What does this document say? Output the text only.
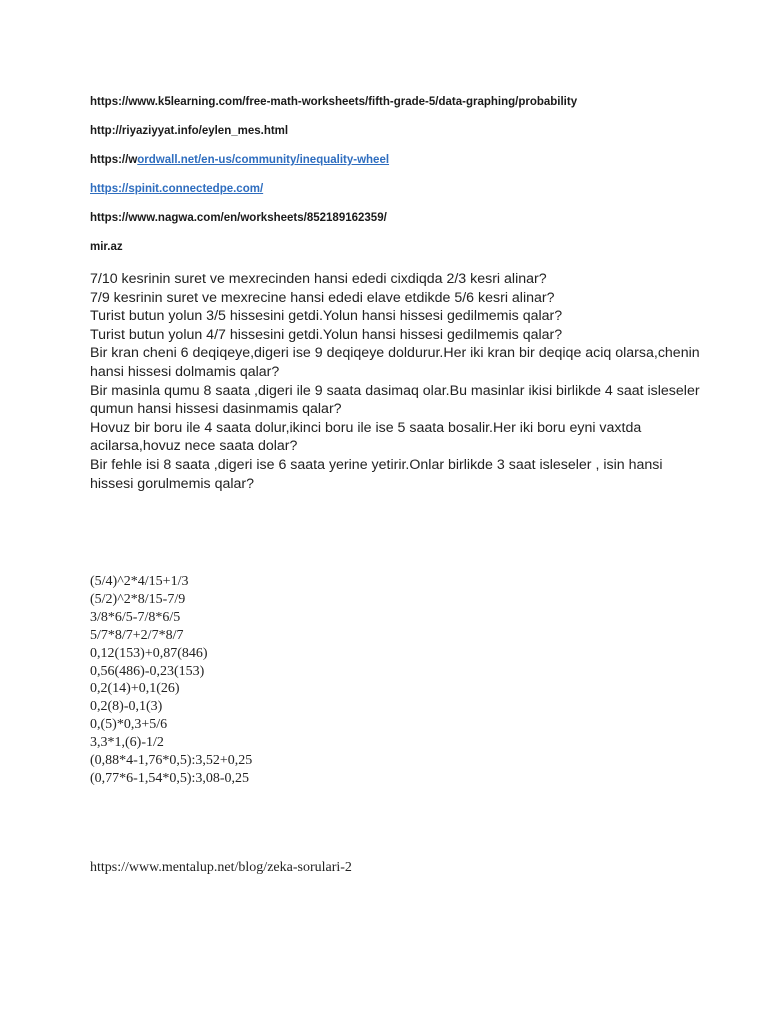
https://www.k5learning.com/free-math-worksheets/fifth-grade-5/data-graphing/probability
http://riyaziyyat.info/eylen_mes.html
https://wordwall.net/en-us/community/inequality-wheel
https://spinit.connectedpe.com/
https://www.nagwa.com/en/worksheets/852189162359/
mir.az
7/10 kesrinin suret ve mexrecinden hansi ededi cixdiqda 2/3 kesri alinar?
7/9 kesrinin suret ve mexrecine hansi ededi elave etdikde 5/6 kesri alinar?
Turist butun yolun 3/5 hissesini getdi.Yolun hansi hissesi gedilmemis qalar?
Turist butun yolun 4/7 hissesini getdi.Yolun hansi hissesi gedilmemis qalar?
Bir kran cheni 6 deqiqeye,digeri ise 9 deqiqeye doldurur.Her iki kran bir deqiqe aciq olarsa,chenin hansi hissesi dolmamis qalar?
Bir masinla qumu 8 saata ,digeri ile 9 saata dasimaq olar.Bu masinlar ikisi birlikde 4 saat isleseler qumun hansi hissesi dasinmamis qalar?
Hovuz bir boru ile 4 saata dolur,ikinci boru ile ise 5 saata bosalir.Her iki boru eyni vaxtda acilarsa,hovuz nece saata dolar?
Bir fehle isi 8 saata ,digeri ise 6 saata yerine yetirir.Onlar birlikde 3 saat isleseler , isin hansi hissesi gorulmemis qalar?
(5/4)^2*4/15+1/3
(5/2)^2*8/15-7/9
3/8*6/5-7/8*6/5
5/7*8/7+2/7*8/7
0,12(153)+0,87(846)
0,56(486)-0,23(153)
0,2(14)+0,1(26)
0,2(8)-0,1(3)
0,(5)*0,3+5/6
3,3*1,(6)-1/2
(0,88*4-1,76*0,5):3,52+0,25
(0,77*6-1,54*0,5):3,08-0,25
https://www.mentalup.net/blog/zeka-sorulari-2
